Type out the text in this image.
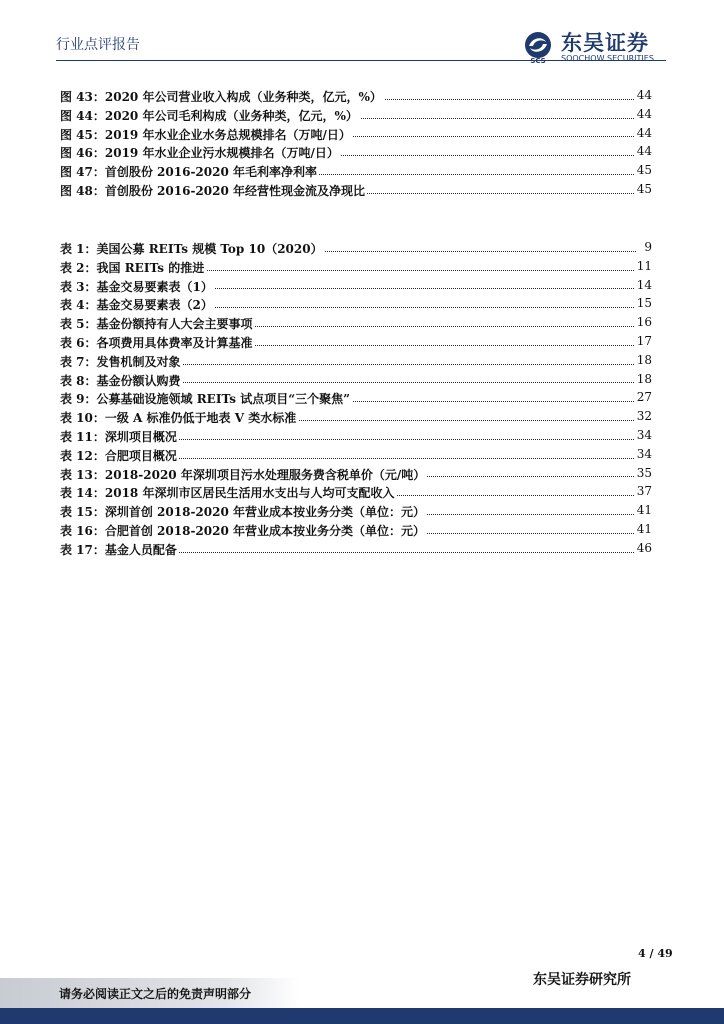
行业点评报告
SCS
东吴证券
SOOCHOW SECURITIES
图 43：2020 年公司营业收入构成（业务种类，亿元，%）	44
图 44：2020 年公司毛利构成（业务种类，亿元，%）	44
图 45：2019 年水业企业水务总规模排名（万吨/日）	44
图 46：2019 年水业企业污水规模排名（万吨/日）	44
图 47：首创股份 2016-2020 年毛利率净利率	45
图 48：首创股份 2016-2020 年经营性现金流及净现比	45
表 1：美国公募 REITs 规模 Top 10（2020）	9
表 2：我国 REITs 的推进	11
表 3：基金交易要素表（1）	14
表 4：基金交易要素表（2）	15
表 5：基金份额持有人大会主要事项	16
表 6：各项费用具体费率及计算基准	17
表 7：发售机制及对象	18
表 8：基金份额认购费	18
表 9：公募基础设施领域 REITs 试点项目“三个聚焦”	27
表 10：一级 A 标准仍低于地表 V 类水标准	32
表 11：深圳项目概况	34
表 12：合肥项目概况	34
表 13：2018-2020 年深圳项目污水处理服务费含税单价（元/吨）	35
表 14：2018 年深圳市区居民生活用水支出与人均可支配收入	37
表 15：深圳首创 2018-2020 年营业成本按业务分类（单位：元）	41
表 16：合肥首创 2018-2020 年营业成本按业务分类（单位：元）	41
表 17：基金人员配备	46
4 / 49
东吴证券研究所
请务必阅读正文之后的免责声明部分
